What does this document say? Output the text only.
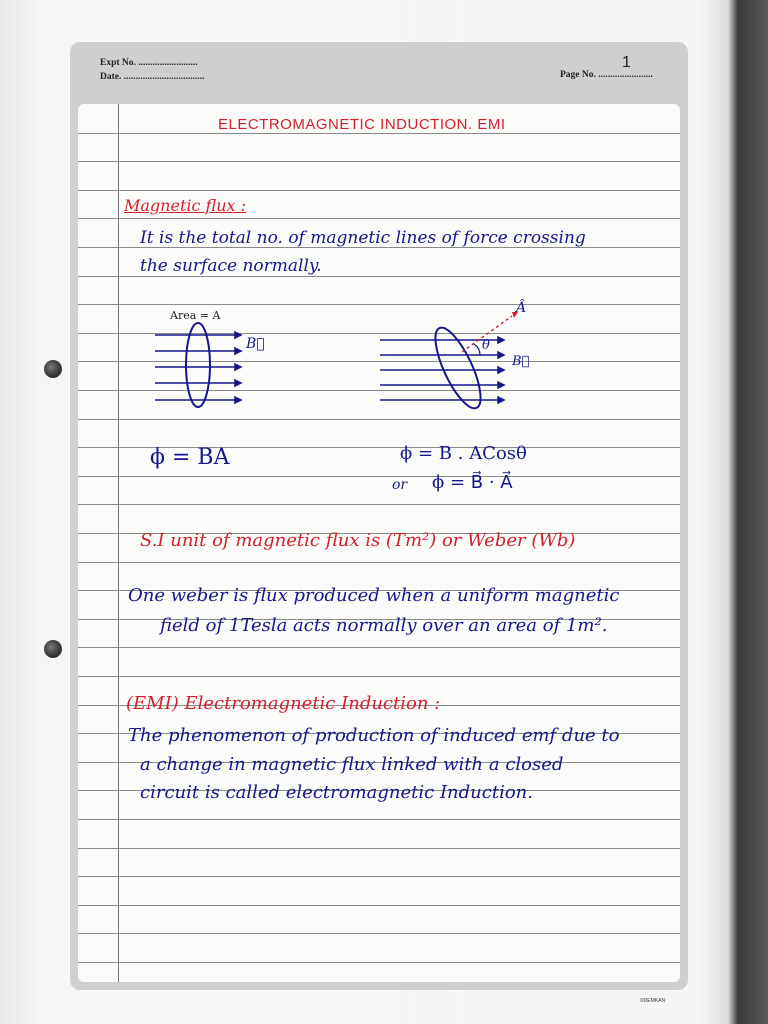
Expt No. .........................
Date. ..................................	Page No. .......................
1
ELECTROMAGNETIC INDUCTION. EMI
Magnetic flux :
It is the total no. of magnetic lines of force crossing
the surface normally.
Area = A
B⃗
Â
θ
B⃗
ϕ = BA	ϕ = B . ACosθ
or ϕ = B⃗ · A⃗
S.I unit of magnetic flux is (Tm²) or Weber (Wb)
One weber is flux produced when a uniform magnetic
field of 1Tesla acts normally over an area of 1m².
(EMI) Electromagnetic Induction :
The phenomenon of production of induced emf due to
a change in magnetic flux linked with a closed
circuit is called electromagnetic Induction.
©DEMKAN
